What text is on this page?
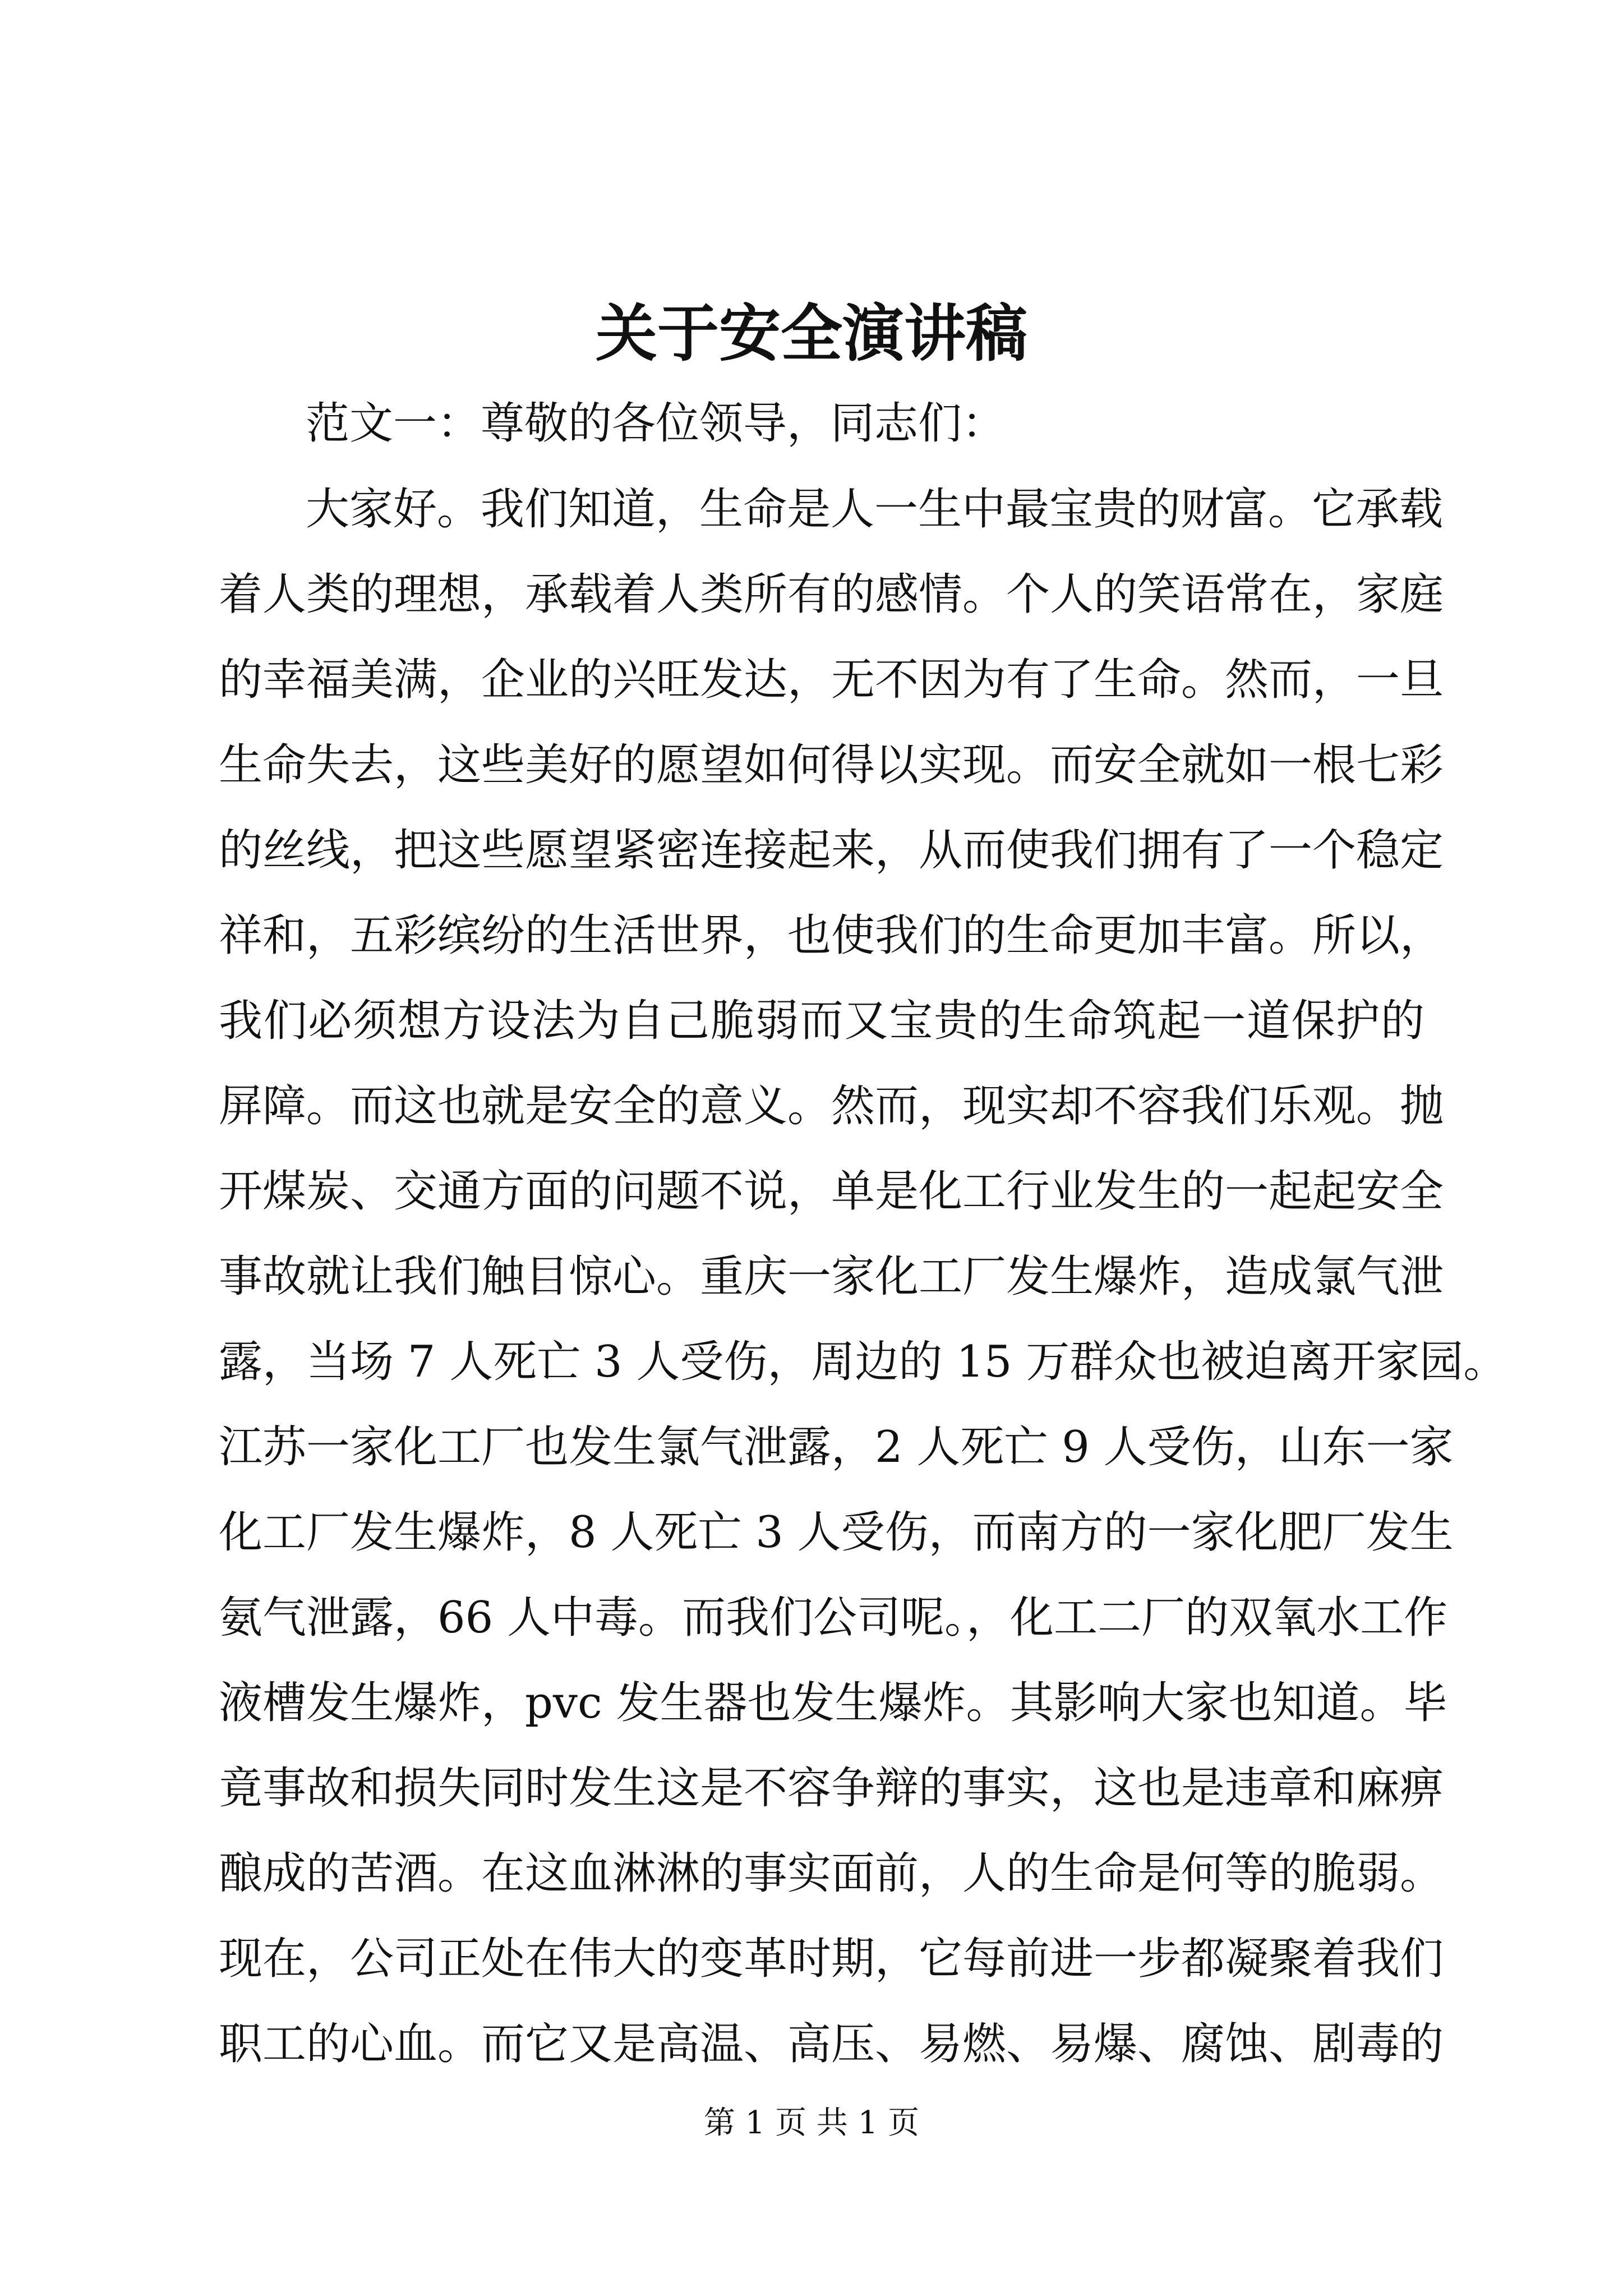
关于安全演讲稿
范文一：尊敬的各位领导，同志们：
大家好。我们知道，生命是人一生中最宝贵的财富。它承载
着人类的理想，承载着人类所有的感情。个人的笑语常在，家庭
的幸福美满，企业的兴旺发达，无不因为有了生命。然而，一旦
生命失去，这些美好的愿望如何得以实现。而安全就如一根七彩
的丝线，把这些愿望紧密连接起来，从而使我们拥有了一个稳定
祥和，五彩缤纷的生活世界，也使我们的生命更加丰富。所以，
我们必须想方设法为自己脆弱而又宝贵的生命筑起一道保护的
屏障。而这也就是安全的意义。然而，现实却不容我们乐观。抛
开煤炭、交通方面的问题不说，单是化工行业发生的一起起安全
事故就让我们触目惊心。重庆一家化工厂发生爆炸，造成氯气泄
露，当场 7 人死亡 3 人受伤，周边的 15 万群众也被迫离开家园。
江苏一家化工厂也发生氯气泄露，2 人死亡 9 人受伤，山东一家
化工厂发生爆炸，8 人死亡 3 人受伤，而南方的一家化肥厂发生
氨气泄露，66 人中毒。而我们公司呢。，化工二厂的双氧水工作
液槽发生爆炸，pvc 发生器也发生爆炸。其影响大家也知道。毕
竟事故和损失同时发生这是不容争辩的事实，这也是违章和麻痹
酿成的苦酒。在这血淋淋的事实面前，人的生命是何等的脆弱。
现在，公司正处在伟大的变革时期，它每前进一步都凝聚着我们
职工的心血。而它又是高温、高压、易燃、易爆、腐蚀、剧毒的
第 1 页 共 1 页
